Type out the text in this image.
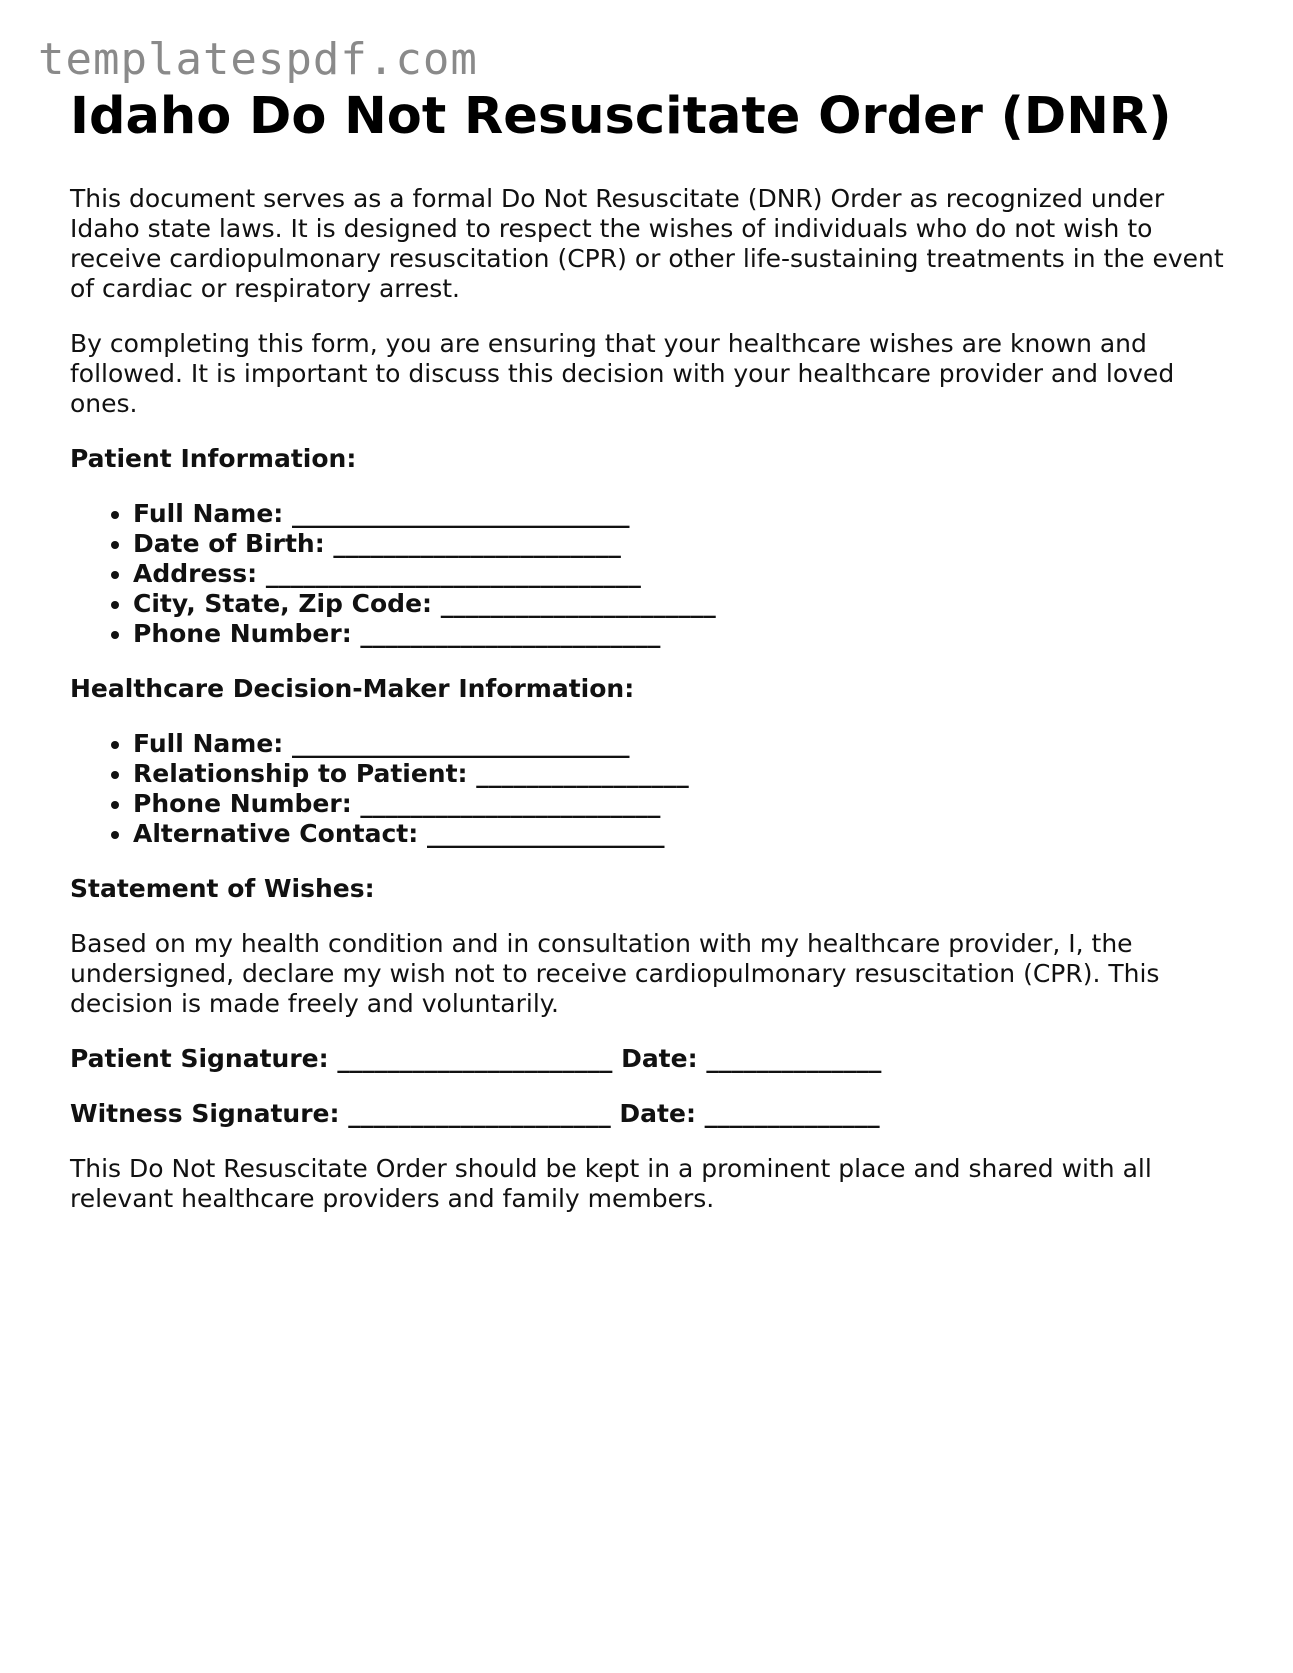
templatespdf.com
Idaho Do Not Resuscitate Order (DNR)

This document serves as a formal Do Not Resuscitate (DNR) Order as recognized under Idaho state laws. It is designed to respect the wishes of individuals who do not wish to receive cardiopulmonary resuscitation (CPR) or other life-sustaining treatments in the event of cardiac or respiratory arrest.

By completing this form, you are ensuring that your healthcare wishes are known and followed. It is important to discuss this decision with your healthcare provider and loved ones.

Patient Information:

• Full Name: ___________________________
• Date of Birth: _______________________
• Address: ______________________________
• City, State, Zip Code: ______________________
• Phone Number: ________________________

Healthcare Decision-Maker Information:

• Full Name: ___________________________
• Relationship to Patient: _________________
• Phone Number: ________________________
• Alternative Contact: ___________________

Statement of Wishes:

Based on my health condition and in consultation with my healthcare provider, I, the undersigned, declare my wish not to receive cardiopulmonary resuscitation (CPR). This decision is made freely and voluntarily.

Patient Signature: ______________________ Date: ______________

Witness Signature: _____________________ Date: ______________

This Do Not Resuscitate Order should be kept in a prominent place and shared with all relevant healthcare providers and family members.
